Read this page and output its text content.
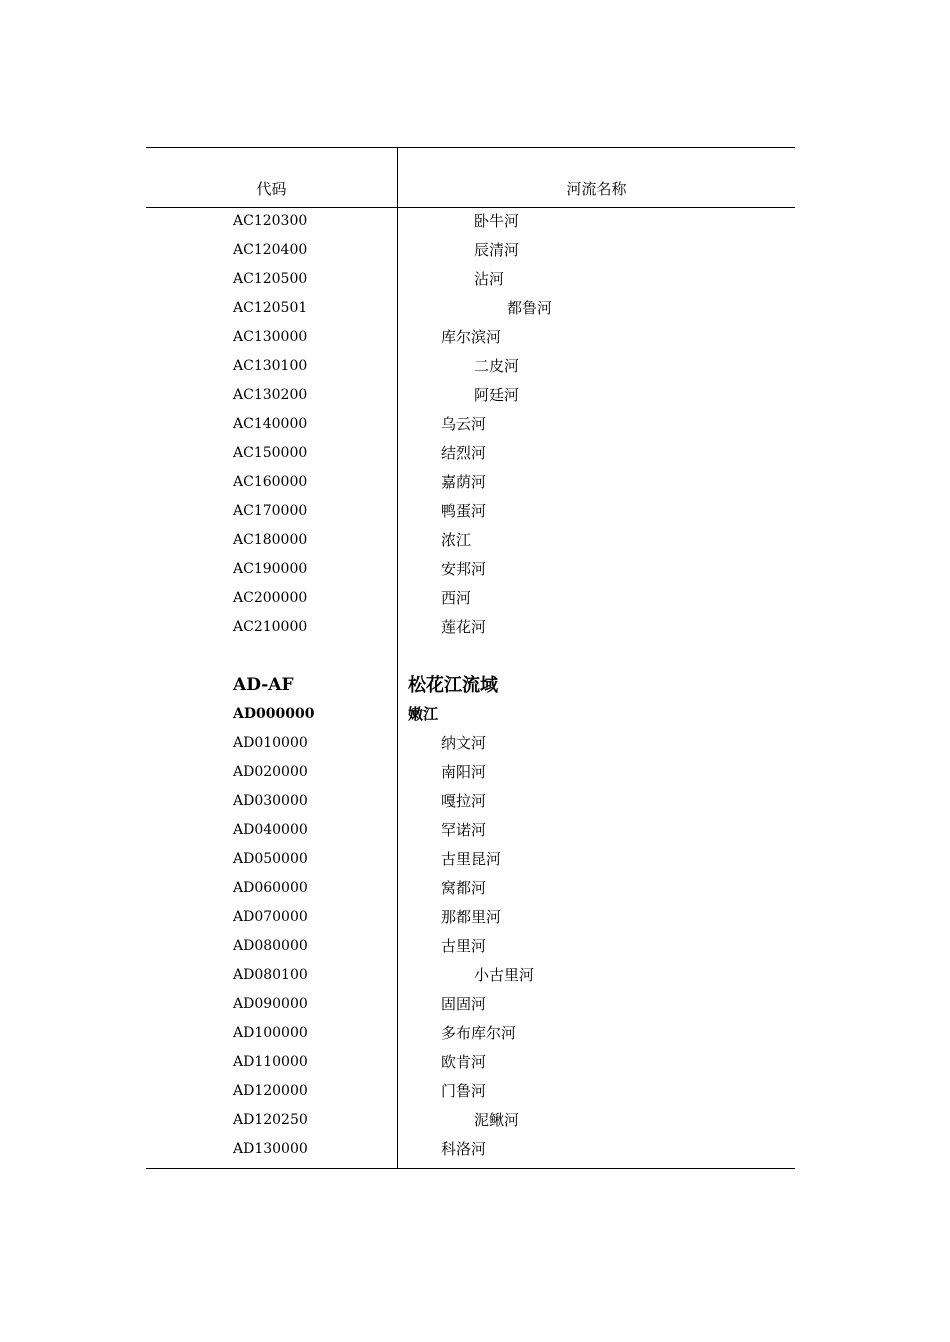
代码	河流名称
AC120300	卧牛河
AC120400	辰清河
AC120500	沾河
AC120501	都鲁河
AC130000	库尔滨河
AC130100	二皮河
AC130200	阿廷河
AC140000	乌云河
AC150000	结烈河
AC160000	嘉荫河
AC170000	鸭蛋河
AC180000	浓江
AC190000	安邦河
AC200000	西河
AC210000	莲花河
AD-AF	松花江流域
AD000000	嫩江
AD010000	纳文河
AD020000	南阳河
AD030000	嘎拉河
AD040000	罕诺河
AD050000	古里昆河
AD060000	窝都河
AD070000	那都里河
AD080000	古里河
AD080100	小古里河
AD090000	固固河
AD100000	多布库尔河
AD110000	欧肯河
AD120000	门鲁河
AD120250	泥鳅河
AD130000	科洛河
